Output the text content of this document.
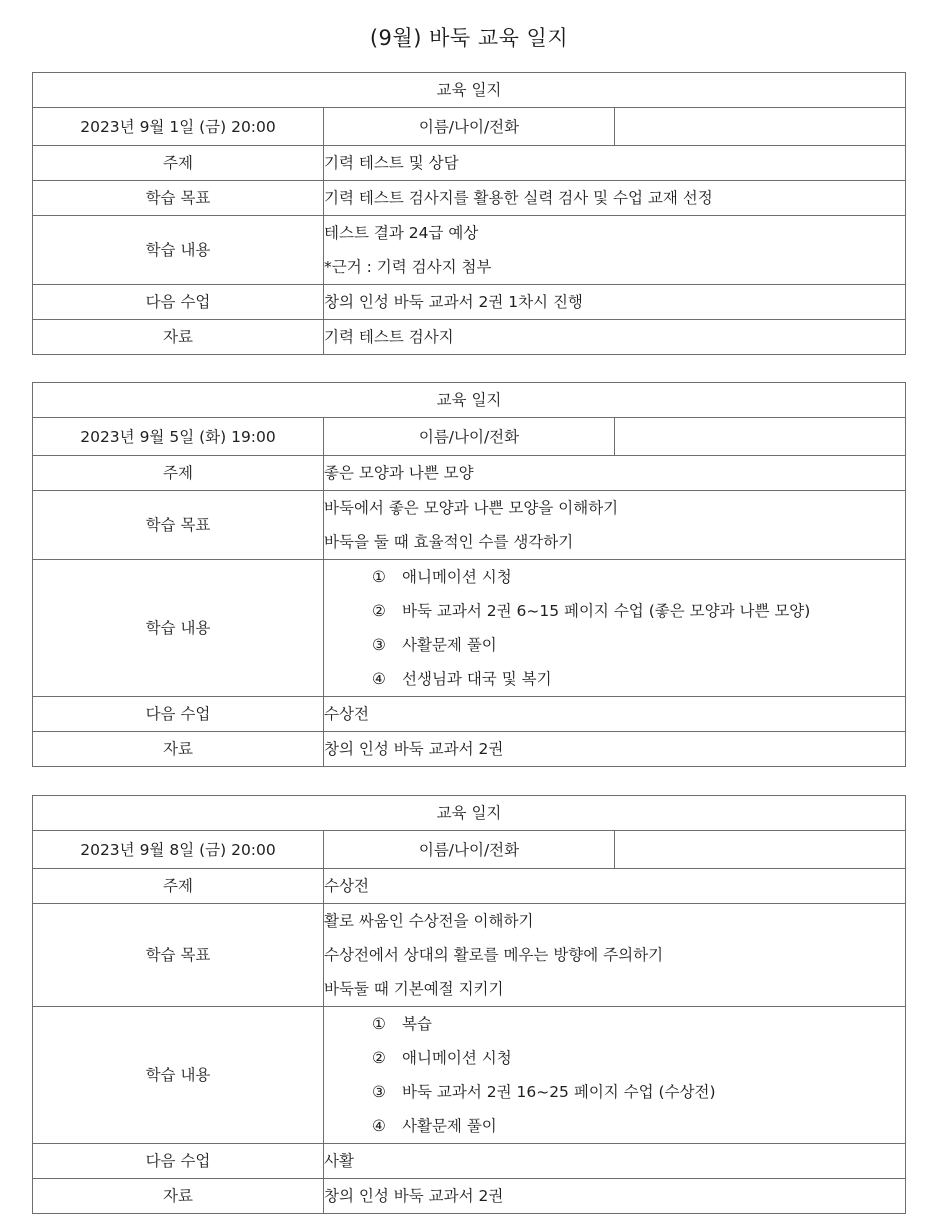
(9월) 바둑 교육 일지
교육 일지		
2023년 9월 1일 (금) 20:00	이름/나이/전화	
주제	기력 테스트 및 상담	
학습 목표	기력 테스트 검사지를 활용한 실력 검사 및 수업 교재 선정	

학습 내용	테스트 결과 24급 예상
*근거 : 기력 검사지 첨부	

다음 수업	창의 인성 바둑 교과서 2권 1차시 진행	
자료	기력 테스트 검사지	
교육 일지		
2023년 9월 5일 (화) 19:00	이름/나이/전화	
주제	좋은 모양과 나쁜 모양	
학습 목표	바둑에서 좋은 모양과 나쁜 모양을 이해하기
바둑을 둘 때 효율적인 수를 생각하기	

학습 내용	① 애니메이션 시청
② 바둑 교과서 2권 6~15 페이지 수업 (좋은 모양과 나쁜 모양)
③ 사활문제 풀이
④ 선생님과 대국 및 복기	

다음 수업	수상전	
자료	창의 인성 바둑 교과서 2권	
교육 일지		
2023년 9월 8일 (금) 20:00	이름/나이/전화	
주제	수상전	
학습 목표	활로 싸움인 수상전을 이해하기
수상전에서 상대의 활로를 메우는 방향에 주의하기
바둑둘 때 기본예절 지키기	

학습 내용	① 복습
② 애니메이션 시청
③ 바둑 교과서 2권 16~25 페이지 수업 (수상전)
④ 사활문제 풀이	

다음 수업	사활	
자료	창의 인성 바둑 교과서 2권	
